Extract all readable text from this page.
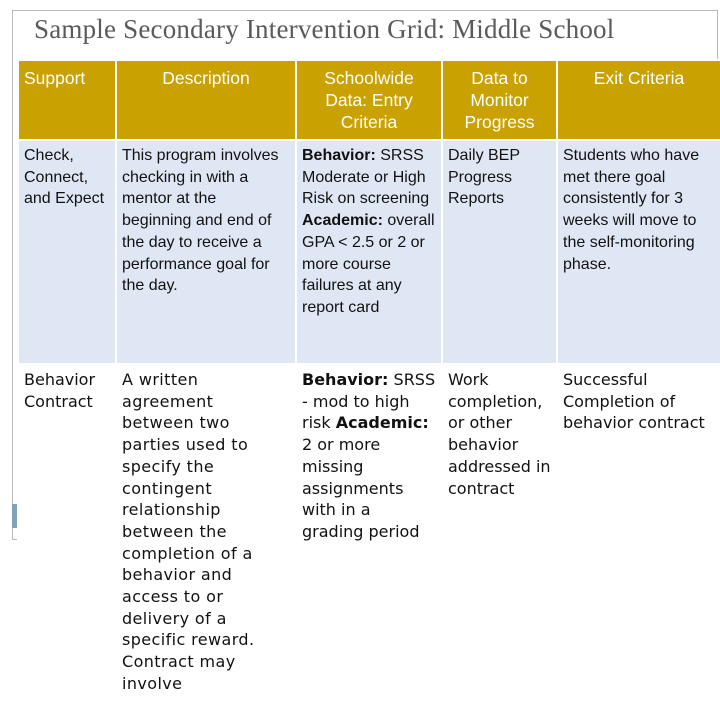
Sample Secondary Intervention Grid: Middle School
Support	Description	Schoolwide Data: Entry Criteria	Data to Monitor Progress	Exit Criteria
Check, Connect, and Expect	This program involves checking in with a mentor at the beginning and end of the day to receive a performance goal for the day.	Behavior: SRSS Moderate or High Risk on screening Academic: overall GPA < 2.5 or 2 or more course failures at any report card	Daily BEP Progress Reports	Students who have met there goal consistently for 3 weeks will move to the self-monitoring phase.
Behavior Contract	A written agreement between two parties used to specify the contingent relationship between the completion of a behavior and access to or delivery of a specific reward. Contract may involve	Behavior: SRSS - mod to high risk Academic: 2 or more missing assignments with in a grading period	Work completion, or other behavior addressed in contract	Successful Completion of behavior contract
